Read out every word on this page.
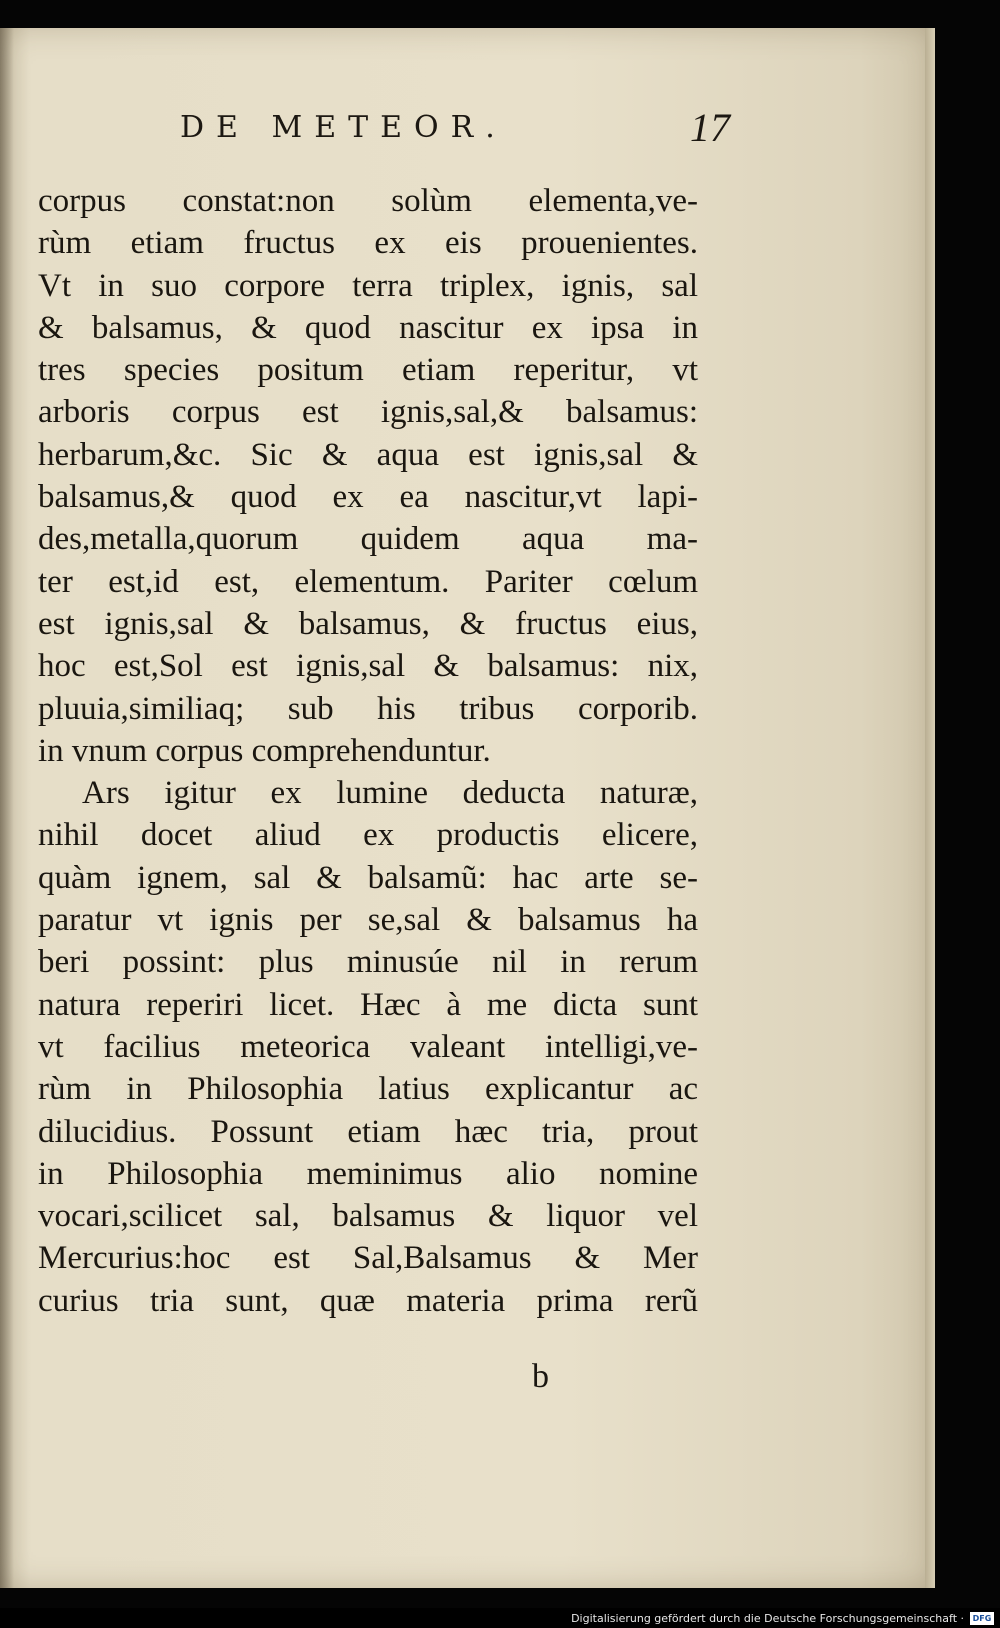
DE METEOR.	17
corpus constat:non solùm elementa,ve-
rùm etiam fructus ex eis prouenientes.
Vt in suo corpore terra triplex, ignis, sal
& balsamus, & quod nascitur ex ipsa in
tres species positum etiam reperitur, vt
arboris corpus est ignis,sal,& balsamus:
herbarum,&c. Sic & aqua est ignis,sal &
balsamus,& quod ex ea nascitur,vt lapi-
des,metalla,quorum quidem aqua ma-
ter est,id est, elementum. Pariter cœlum
est ignis,sal & balsamus, & fructus eius,
hoc est,Sol est ignis,sal & balsamus: nix,
pluuia,similiaq; sub his tribus corporib.
in vnum corpus comprehenduntur.
Ars igitur ex lumine deducta naturæ,
nihil docet aliud ex productis elicere,
quàm ignem, sal & balsamũ: hac arte se-
paratur vt ignis per se,sal & balsamus ha
beri possint: plus minusúe nil in rerum
natura reperiri licet. Hæc à me dicta sunt
vt facilius meteorica valeant intelligi,ve-
rùm in Philosophia latius explicantur ac
dilucidius. Possunt etiam hæc tria, prout
in Philosophia meminimus alio nomine
vocari,scilicet sal, balsamus & liquor vel
Mercurius:hoc est Sal,Balsamus & Mer
curius tria sunt, quæ materia prima rerũ
b
Digitalisierung gefördert durch die Deutsche Forschungsgemeinschaft ·	DFG
